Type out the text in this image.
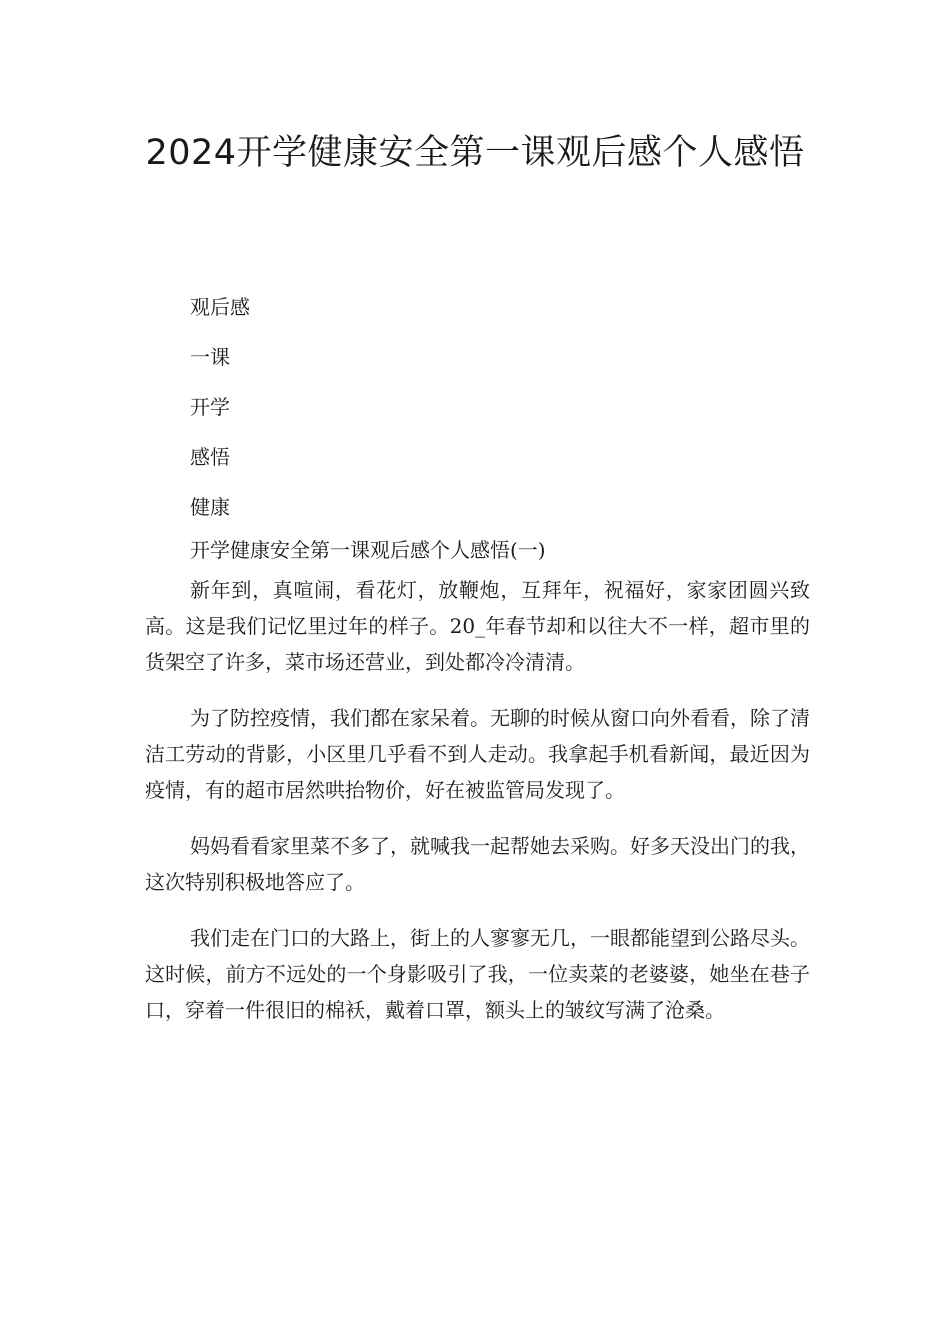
2024开学健康安全第一课观后感个人感悟
观后感
一课
开学
感悟
健康

开学健康安全第一课观后感个人感悟(一)

新年到，真喧闹，看花灯，放鞭炮，互拜年，祝福好，家家团圆兴致高。这是我们记忆里过年的样子。20_年春节却和以往大不一样，超市里的货架空了许多，菜市场还营业，到处都冷冷清清。

为了防控疫情，我们都在家呆着。无聊的时候从窗口向外看看，除了清洁工劳动的背影，小区里几乎看不到人走动。我拿起手机看新闻，最近因为疫情，有的超市居然哄抬物价，好在被监管局发现了。

妈妈看看家里菜不多了，就喊我一起帮她去采购。好多天没出门的我，这次特别积极地答应了。

我们走在门口的大路上，街上的人寥寥无几，一眼都能望到公路尽头。这时候，前方不远处的一个身影吸引了我，一位卖菜的老婆婆，她坐在巷子口，穿着一件很旧的棉袄，戴着口罩，额头上的皱纹写满了沧桑。
